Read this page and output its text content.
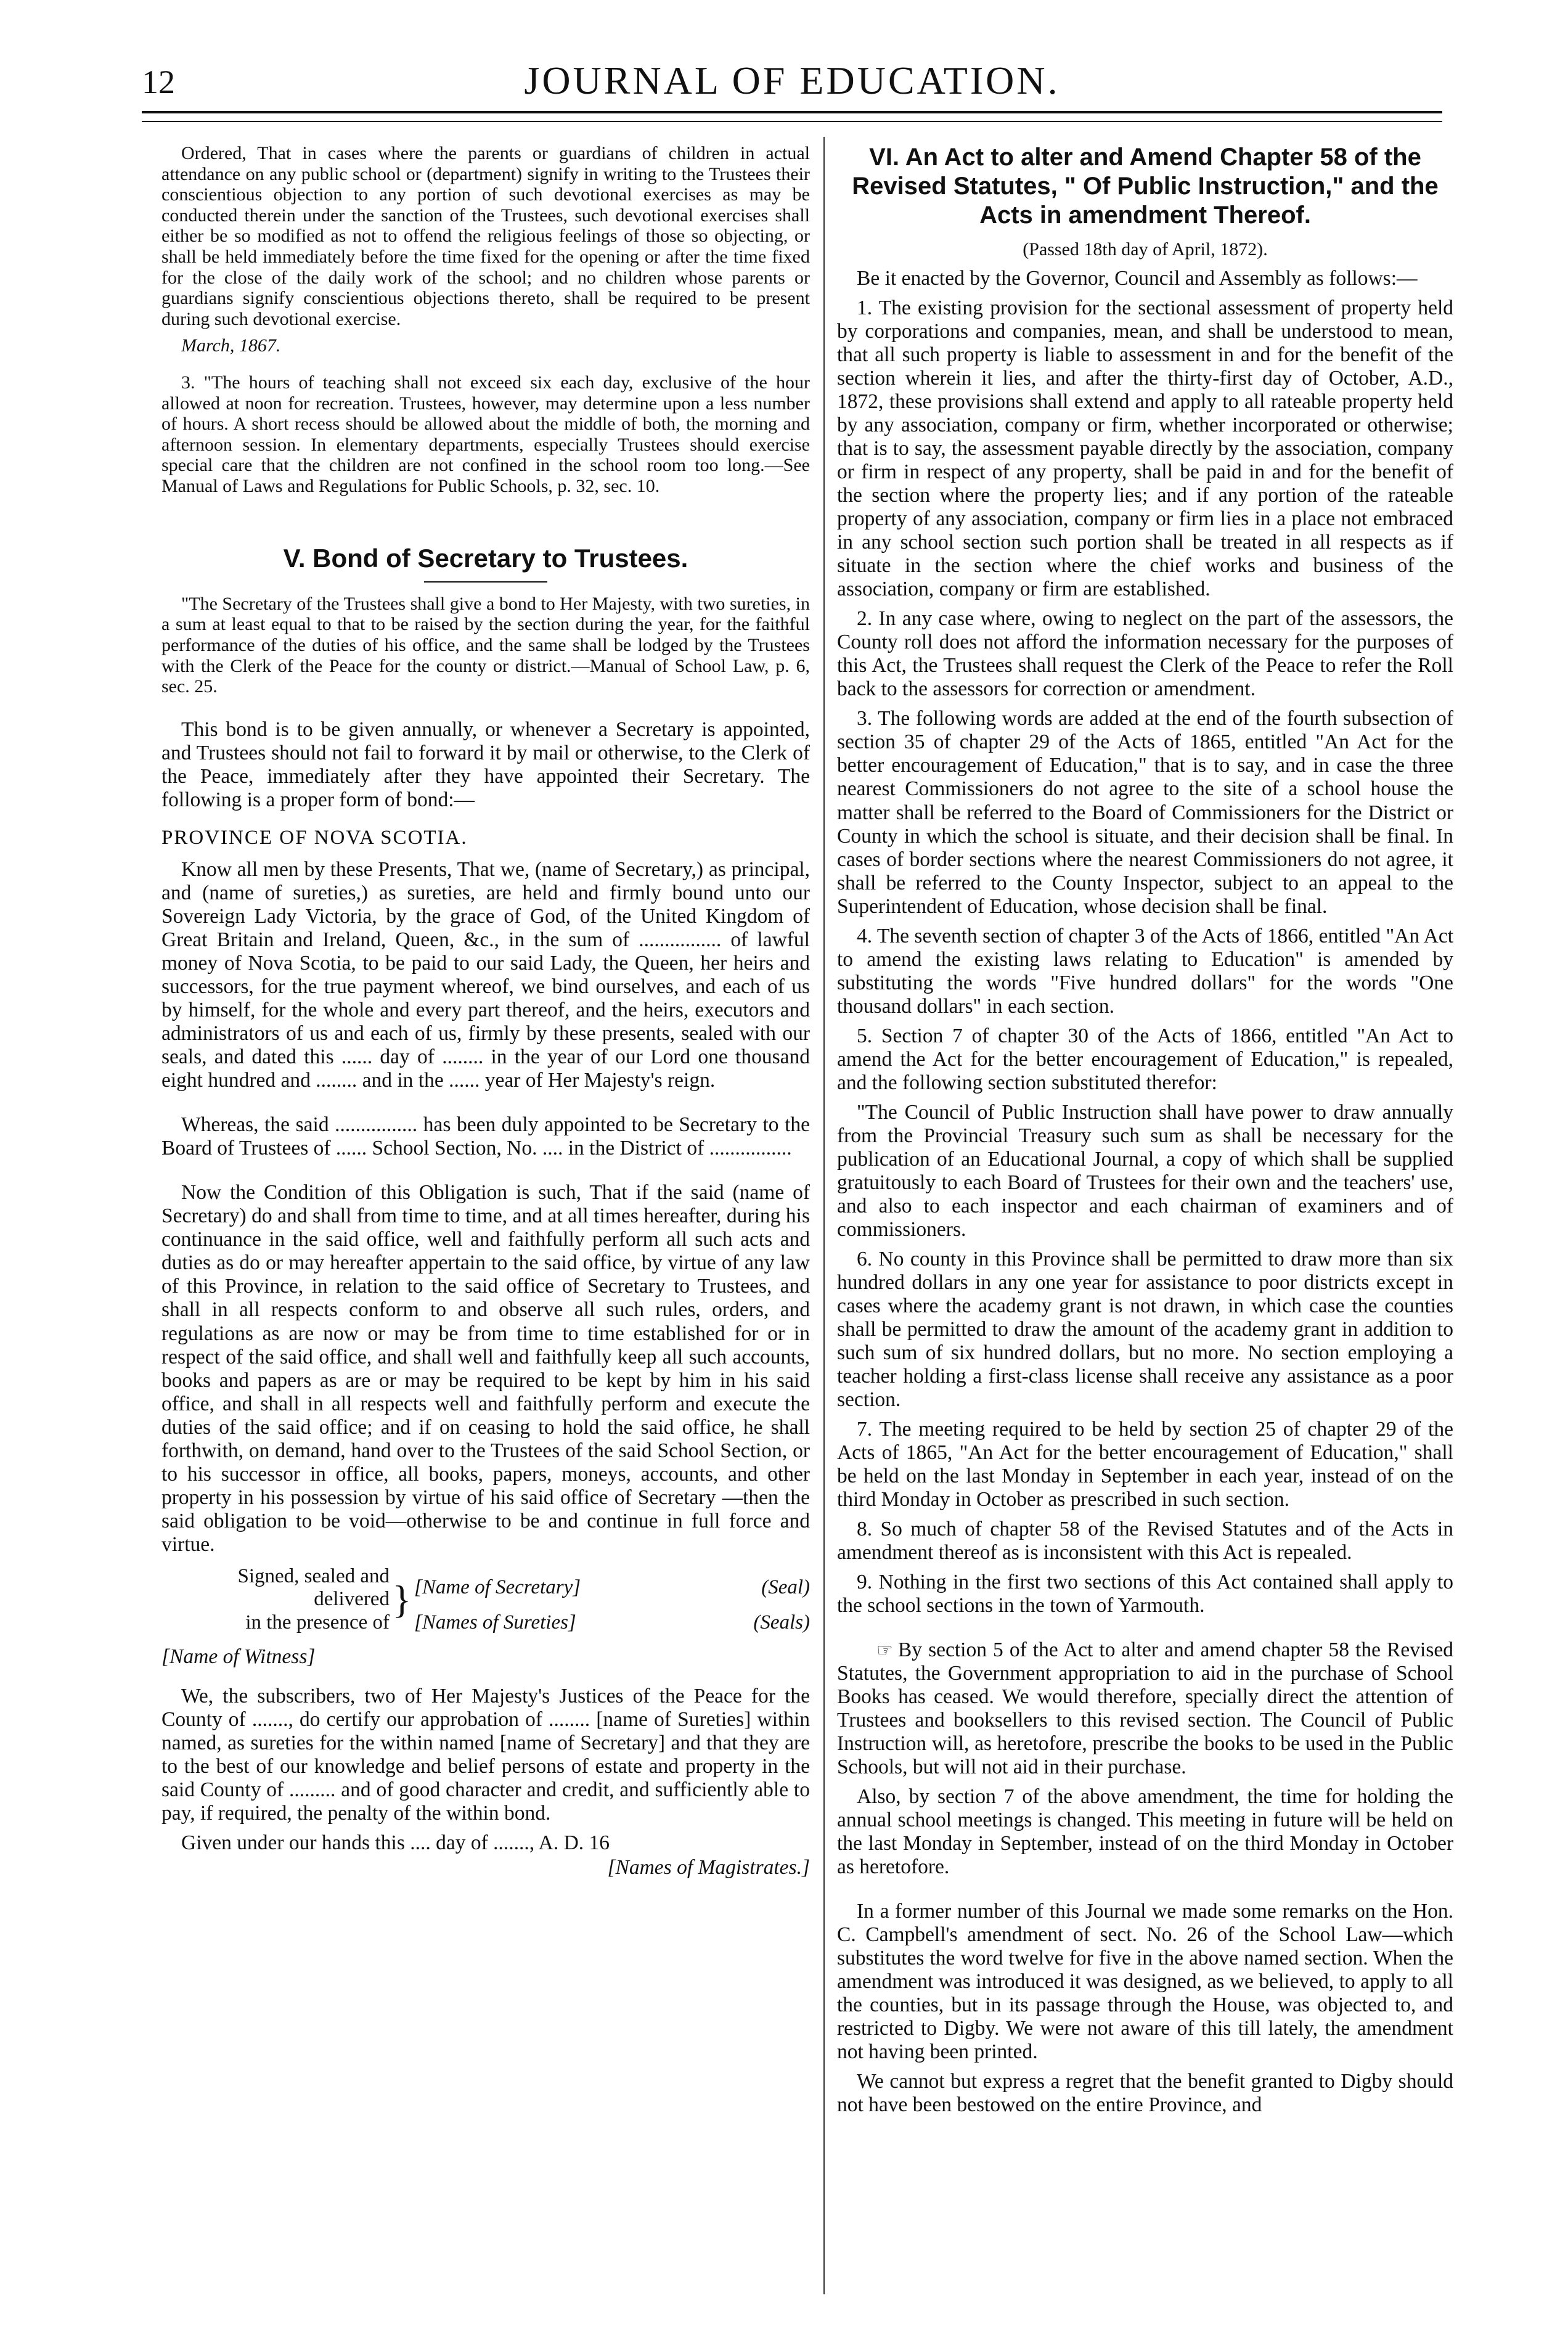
12	JOURNAL OF EDUCATION.

Ordered, That in cases where the parents or guardians of children in actual attendance on any public school or (department) signify in writing to the Trustees their conscientious objection to any portion of such devotional exercises as may be conducted therein under the sanction of the Trustees, such devotional exercises shall either be so modified as not to offend the religious feelings of those so objecting, or shall be held immediately before the time fixed for the opening or after the time fixed for the close of the daily work of the school; and no children whose parents or guardians signify conscientious objections thereto, shall be required to be present during such devotional exercise.

March, 1867.

3. "The hours of teaching shall not exceed six each day, exclusive of the hour allowed at noon for recreation. Trustees, however, may determine upon a less number of hours. A short recess should be allowed about the middle of both, the morning and afternoon session. In elementary departments, especially Trustees should exercise special care that the children are not confined in the school room too long.—See Manual of Laws and Regulations for Public Schools, p. 32, sec. 10.

V. Bond of Secretary to Trustees.

"The Secretary of the Trustees shall give a bond to Her Majesty, with two sureties, in a sum at least equal to that to be raised by the section during the year, for the faithful performance of the duties of his office, and the same shall be lodged by the Trustees with the Clerk of the Peace for the county or district.—Manual of School Law, p. 6, sec. 25.

This bond is to be given annually, or whenever a Secretary is appointed, and Trustees should not fail to forward it by mail or otherwise, to the Clerk of the Peace, immediately after they have appointed their Secretary. The following is a proper form of bond:—

PROVINCE OF NOVA SCOTIA.

Know all men by these Presents, That we, (name of Secretary,) as principal, and (name of sureties,) as sureties, are held and firmly bound unto our Sovereign Lady Victoria, by the grace of God, of the United Kingdom of Great Britain and Ireland, Queen, &c., in the sum of ................ of lawful money of Nova Scotia, to be paid to our said Lady, the Queen, her heirs and successors, for the true payment whereof, we bind ourselves, and each of us by himself, for the whole and every part thereof, and the heirs, executors and administrators of us and each of us, firmly by these presents, sealed with our seals, and dated this ...... day of ........ in the year of our Lord one thousand eight hundred and ........ and in the ...... year of Her Majesty's reign.

Whereas, the said ................ has been duly appointed to be Secretary to the Board of Trustees of ...... School Section, No. .... in the District of ................

Now the Condition of this Obligation is such, That if the said (name of Secretary) do and shall from time to time, and at all times hereafter, during his continuance in the said office, well and faithfully perform all such acts and duties as do or may hereafter appertain to the said office, by virtue of any law of this Province, in relation to the said office of Secretary to Trustees, and shall in all respects conform to and observe all such rules, orders, and regulations as are now or may be from time to time established for or in respect of the said office, and shall well and faithfully keep all such accounts, books and papers as are or may be required to be kept by him in his said office, and shall in all respects well and faithfully perform and execute the duties of the said office; and if on ceasing to hold the said office, he shall forthwith, on demand, hand over to the Trustees of the said School Section, or to his successor in office, all books, papers, moneys, accounts, and other property in his possession by virtue of his said office of Secretary —then the said obligation to be void—otherwise to be and continue in full force and virtue.

Signed, sealed and delivered	}	[Name of Secretary]	(Seal)
in the presence of		[Names of Sureties]	(Seals)

[Name of Witness]

We, the subscribers, two of Her Majesty's Justices of the Peace for the County of ......., do certify our approbation of ........ [name of Sureties] within named, as sureties for the within named [name of Secretary] and that they are to the best of our knowledge and belief persons of estate and property in the said County of ......... and of good character and credit, and sufficiently able to pay, if required, the penalty of the within bond.

Given under our hands this .... day of ......., A. D. 16

[Names of Magistrates.]

VI. An Act to alter and Amend Chapter 58 of the Revised Statutes, " Of Public Instruction," and the Acts in amendment Thereof.

(Passed 18th day of April, 1872).

Be it enacted by the Governor, Council and Assembly as follows:—

1. The existing provision for the sectional assessment of property held by corporations and companies, mean, and shall be understood to mean, that all such property is liable to assessment in and for the benefit of the section wherein it lies, and after the thirty-first day of October, A.D., 1872, these provisions shall extend and apply to all rateable property held by any association, company or firm, whether incorporated or otherwise; that is to say, the assessment payable directly by the association, company or firm in respect of any property, shall be paid in and for the benefit of the section where the property lies; and if any portion of the rateable property of any association, company or firm lies in a place not embraced in any school section such portion shall be treated in all respects as if situate in the section where the chief works and business of the association, company or firm are established.

2. In any case where, owing to neglect on the part of the assessors, the County roll does not afford the information necessary for the purposes of this Act, the Trustees shall request the Clerk of the Peace to refer the Roll back to the assessors for correction or amendment.

3. The following words are added at the end of the fourth subsection of section 35 of chapter 29 of the Acts of 1865, entitled "An Act for the better encouragement of Education," that is to say, and in case the three nearest Commissioners do not agree to the site of a school house the matter shall be referred to the Board of Commissioners for the District or County in which the school is situate, and their decision shall be final. In cases of border sections where the nearest Commissioners do not agree, it shall be referred to the County Inspector, subject to an appeal to the Superintendent of Education, whose decision shall be final.

4. The seventh section of chapter 3 of the Acts of 1866, entitled "An Act to amend the existing laws relating to Education" is amended by substituting the words "Five hundred dollars" for the words "One thousand dollars" in each section.

5. Section 7 of chapter 30 of the Acts of 1866, entitled "An Act to amend the Act for the better encouragement of Education," is repealed, and the following section substituted therefor:

"The Council of Public Instruction shall have power to draw annually from the Provincial Treasury such sum as shall be necessary for the publication of an Educational Journal, a copy of which shall be supplied gratuitously to each Board of Trustees for their own and the teachers' use, and also to each inspector and each chairman of examiners and of commissioners.

6. No county in this Province shall be permitted to draw more than six hundred dollars in any one year for assistance to poor districts except in cases where the academy grant is not drawn, in which case the counties shall be permitted to draw the amount of the academy grant in addition to such sum of six hundred dollars, but no more. No section employing a teacher holding a first-class license shall receive any assistance as a poor section.

7. The meeting required to be held by section 25 of chapter 29 of the Acts of 1865, "An Act for the better encouragement of Education," shall be held on the last Monday in September in each year, instead of on the third Monday in October as prescribed in such section.

8. So much of chapter 58 of the Revised Statutes and of the Acts in amendment thereof as is inconsistent with this Act is repealed.

9. Nothing in the first two sections of this Act contained shall apply to the school sections in the town of Yarmouth.

☞ By section 5 of the Act to alter and amend chapter 58 the Revised Statutes, the Government appropriation to aid in the purchase of School Books has ceased. We would therefore, specially direct the attention of Trustees and booksellers to this revised section. The Council of Public Instruction will, as heretofore, prescribe the books to be used in the Public Schools, but will not aid in their purchase.

Also, by section 7 of the above amendment, the time for holding the annual school meetings is changed. This meeting in future will be held on the last Monday in September, instead of on the third Monday in October as heretofore.

In a former number of this Journal we made some remarks on the Hon. C. Campbell's amendment of sect. No. 26 of the School Law—which substitutes the word twelve for five in the above named section. When the amendment was introduced it was designed, as we believed, to apply to all the counties, but in its passage through the House, was objected to, and restricted to Digby. We were not aware of this till lately, the amendment not having been printed.

We cannot but express a regret that the benefit granted to Digby should not have been bestowed on the entire Province, and
